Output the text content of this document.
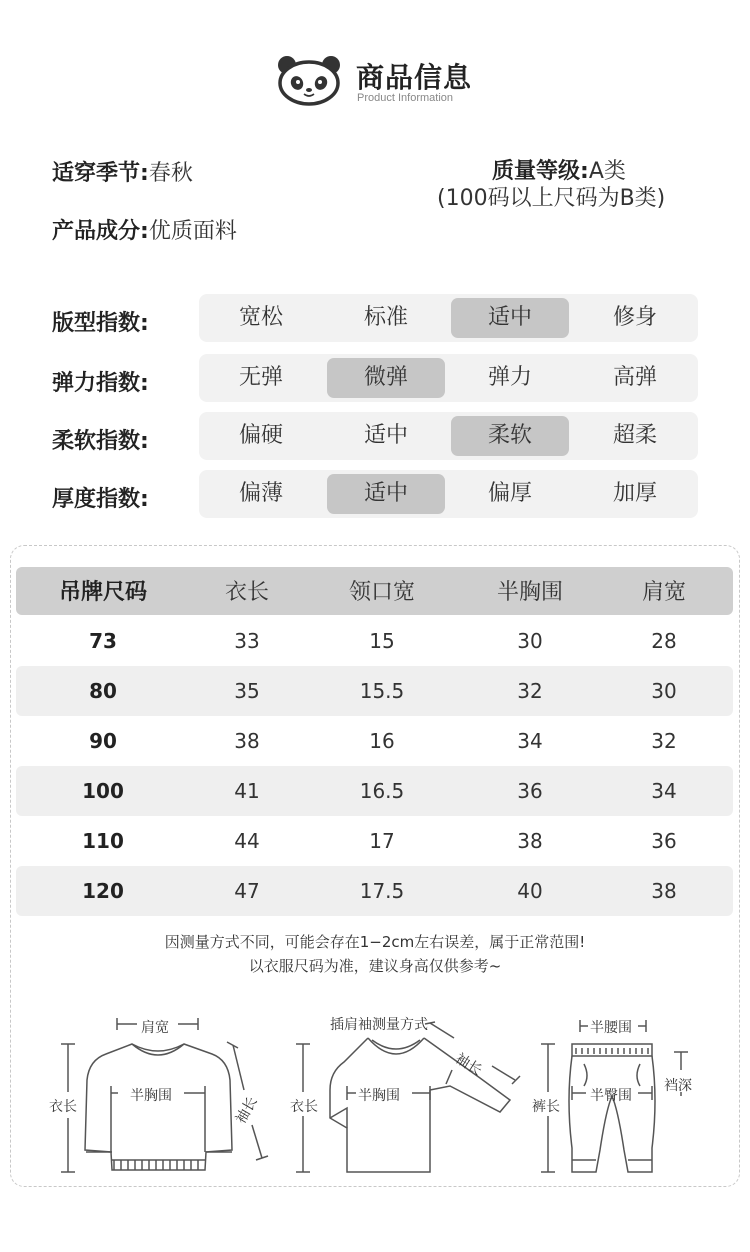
商品信息
Product Information
适穿季节:春秋	质量等级:A类
(100码以上尺码为B类)
产品成分:优质面料
版型指数:	宽松	标准	适中	修身
弹力指数:	无弹	微弹	弹力	高弹
柔软指数:	偏硬	适中	柔软	超柔
厚度指数:	偏薄	适中	偏厚	加厚
吊牌尺码	衣长	领口宽	半胸围	肩宽
73	33	15	30	28
80	35	15.5	32	30
90	38	16	34	32
100	41	16.5	36	34
110	44	17	38	36
120	47	17.5	40	38
因测量方式不同，可能会存在1−2cm左右误差，属于正常范围!
以衣服尺码为准，建议身高仅供参考~
肩宽
衣长
半胸围	袖长
插肩袖测量方式
衣长
半胸围
袖长
半腰围
裤长
半臀围
裆深
